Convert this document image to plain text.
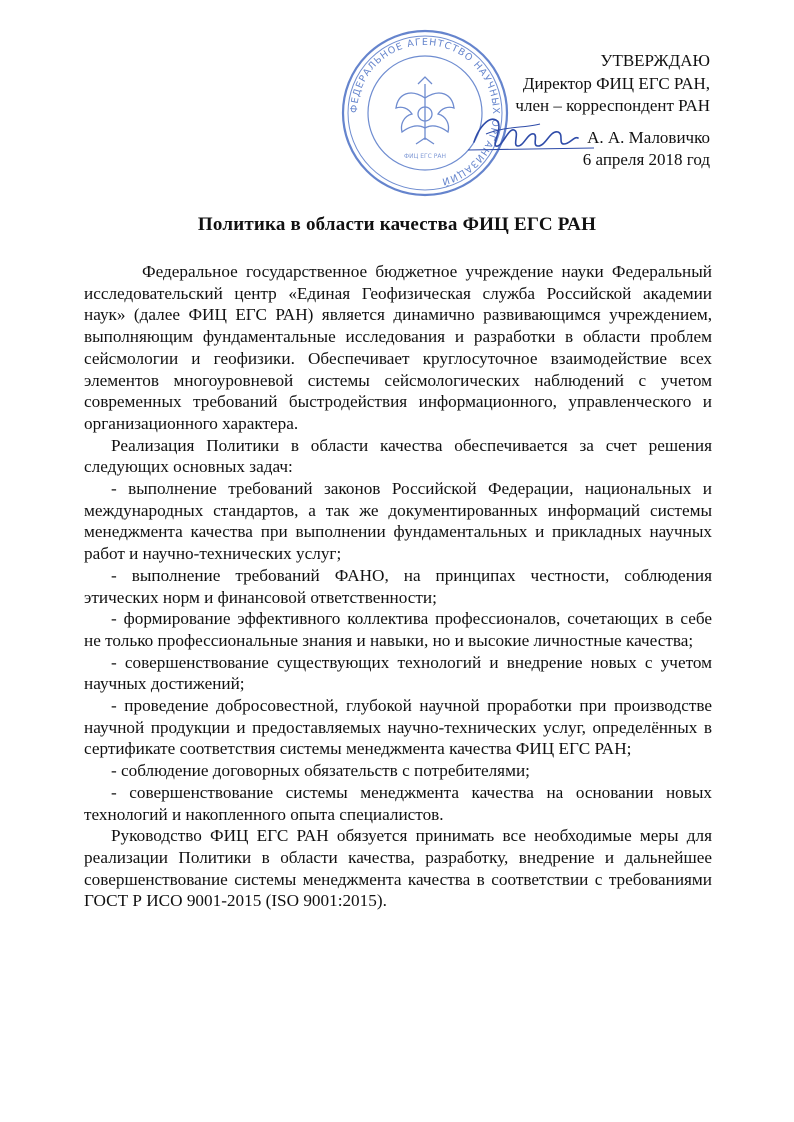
ФЕДЕРАЛЬНОЕ АГЕНТСТВО НАУЧНЫХ ОРГАНИЗАЦИЙ
ФИЦ ЕГС РАН
УТВЕРЖДАЮ
Директор ФИЦ ЕГС РАН,
член – корреспондент РАН
А. А. Маловичко
6 апреля 2018 год
Политика в области качества ФИЦ ЕГС РАН

Федеральное государственное бюджетное учреждение науки Федеральный исследовательский центр «Единая Геофизическая служба Российской академии наук» (далее ФИЦ ЕГС РАН) является динамично развивающимся учреждением, выполняющим фундаментальные исследования и разработки в области проблем сейсмологии и геофизики. Обеспечивает круглосуточное взаимодействие всех элементов многоуровневой системы сейсмологических наблюдений с учетом современных требований быстродействия информационного, управленческого и организационного характера.

Реализация Политики в области качества обеспечивается за счет решения следующих основных задач:

- выполнение требований законов Российской Федерации, национальных и международных стандартов, а так же документированных информаций системы менеджмента качества при выполнении фундаментальных и прикладных научных работ и научно-технических услуг;

- выполнение требований ФАНО, на принципах честности, соблюдения этических норм и финансовой ответственности;

- формирование эффективного коллектива профессионалов, сочетающих в себе не только профессиональные знания и навыки, но и высокие личностные качества;

- совершенствование существующих технологий и внедрение новых с учетом научных достижений;

- проведение добросовестной, глубокой научной проработки при производстве научной продукции и предоставляемых научно-технических услуг, определённых в сертификате соответствия системы менеджмента качества ФИЦ ЕГС РАН;

- соблюдение договорных обязательств с потребителями;

- совершенствование системы менеджмента качества на основании новых технологий и накопленного опыта специалистов.

Руководство ФИЦ ЕГС РАН обязуется принимать все необходимые меры для реализации Политики в области качества, разработку, внедрение и дальнейшее совершенствование системы менеджмента качества в соответствии с требованиями ГОСТ Р ИСО 9001-2015 (ISO 9001:2015).
